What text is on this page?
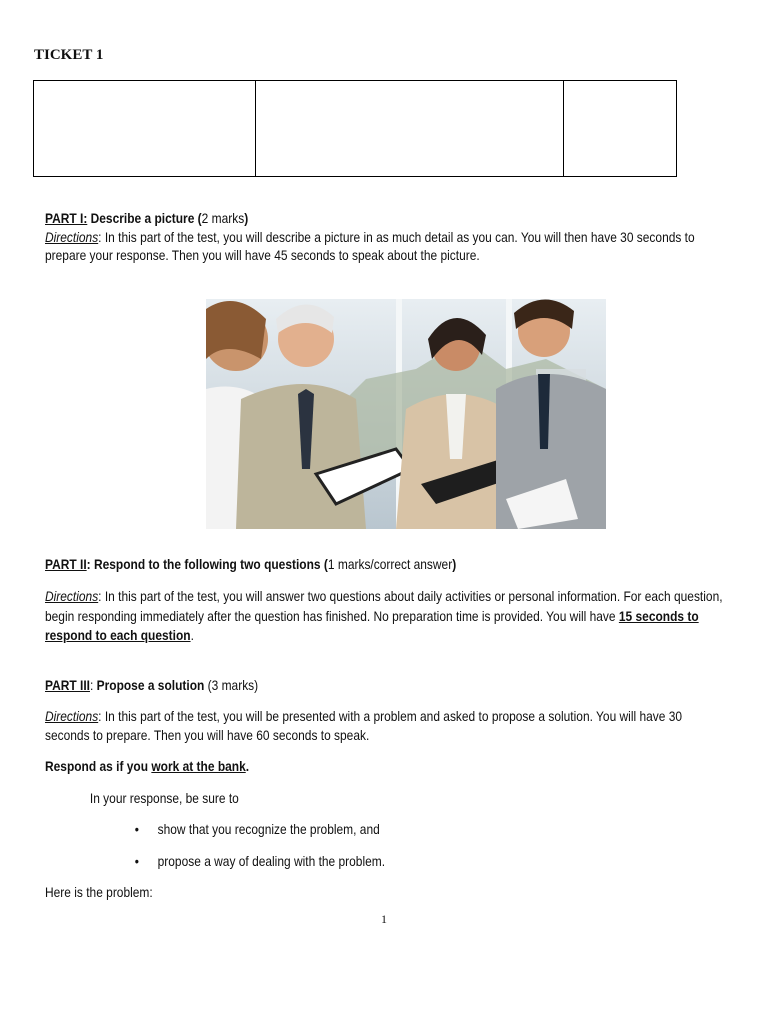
TICKET 1

PART I: Describe a picture (2 marks)

Directions: In this part of the test, you will describe a picture in as much detail as you can. You will then have 30 seconds to prepare your response. Then you will have 45 seconds to speak about the picture.

PART II: Respond to the following two questions (1 marks/correct answer)

Directions: In this part of the test, you will answer two questions about daily activities or personal information. For each question, begin responding immediately after the question has finished. No preparation time is provided. You will have 15 seconds to respond to each question.

PART III: Propose a solution (3 marks)

Directions: In this part of the test, you will be presented with a problem and asked to propose a solution. You will have 30 seconds to prepare. Then you will have 60 seconds to speak.

Respond as if you work at the bank.

In your response, be sure to

• show that you recognize the problem, and
• propose a way of dealing with the problem.

Here is the problem:

1
